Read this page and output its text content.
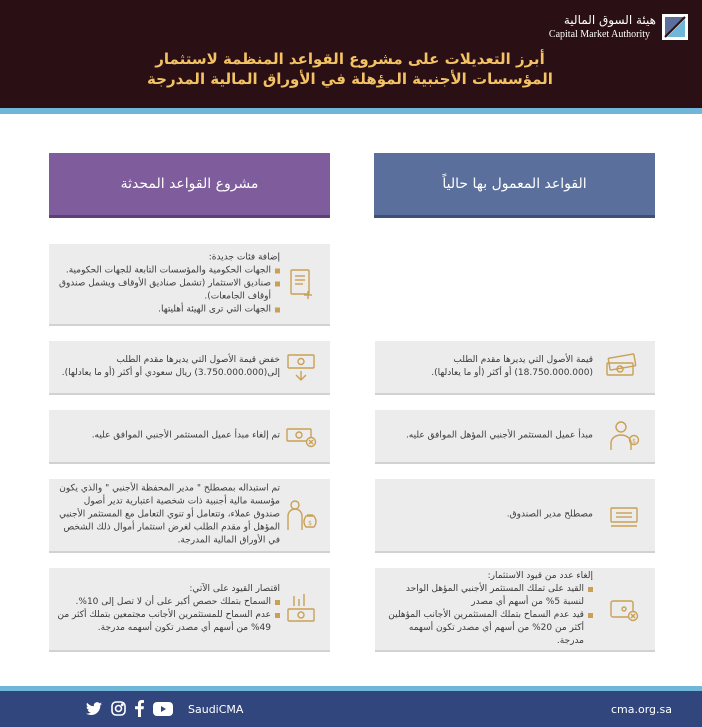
هيئة السوق المالية
Capital Market Authority
أبرز التعديلات على مشروع القواعد المنظمة لاستثمار
المؤسسات الأجنبية المؤهلة في الأوراق المالية المدرجة
مشروع القواعد المحدثة	القواعد المعمول بها حالياً
إضافة فئات جديدة:
الجهات الحكومية والمؤسسات التابعة للجهات الحكومية.
صناديق الاستثمار (تشمل صناديق الأوقاف ويشمل صندوق أوقاف الجامعات).
الجهات التي ترى الهيئة أهليتها.
خفض قيمة الأصول التي يديرها مقدم الطلب إلى(3.750.000.000) ريال سعودي أو أكثر (أو ما يعادلها).
تم إلغاء مبدأ عميل المستثمر الأجنبي الموافق عليه.
$
تم استبداله بمصطلح " مدير المحفظة الأجنبي " والذي يكون مؤسسة مالية أجنبية ذات شخصية اعتبارية تدير أصول صندوق عملاء، وتتعامل أو تنوي التعامل مع المستثمر الأجنبي المؤهل أو مقدم الطلب لغرض استثمار أموال ذلك الشخص في الأوراق المالية المدرجة.
اقتصار القيود على الآتي:
السماح بتملك حصص أكبر على أن لا تصل إلى 10%.
عدم السماح للمستثمرين الأجانب مجتمعين بتملك أكثر من 49% من أسهم أي مصدر تكون أسهمه مدرجة.
قيمة الأصول التي يديرها مقدم الطلب (18.750.000.000) أو أكثر (أو ما يعادلها).
$
مبدأ عميل المستثمر الأجنبي المؤهل الموافق عليه.
مصطلح مدير الصندوق.
إلغاء عدد من قيود الاستثمار:
القيد على تملك المستثمر الأجنبي المؤهل الواحد لنسبة 5% من أسهم أي مصدر
قيد عدم السماح بتملك المستثمرين الأجانب المؤهلين أكثر من 20% من أسهم أي مصدر تكون أسهمه مدرجة.
SaudiCMA	cma.org.sa
